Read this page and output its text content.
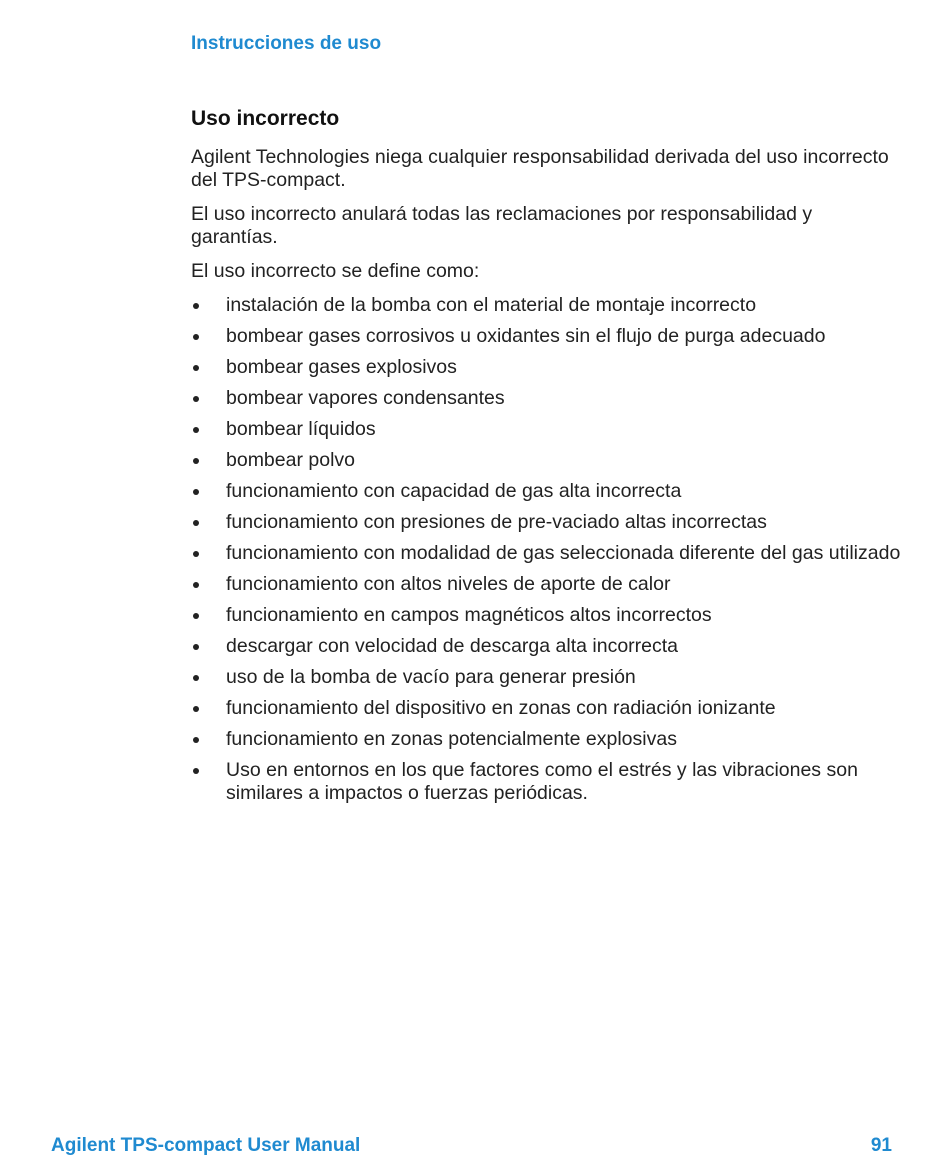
Instrucciones de uso

Uso incorrecto

Agilent Technologies niega cualquier responsabilidad derivada del uso incorrecto del TPS-compact.

El uso incorrecto anulará todas las reclamaciones por responsabilidad y garantías.

El uso incorrecto se define como:

instalación de la bomba con el material de montaje incorrecto
bombear gases corrosivos u oxidantes sin el flujo de purga adecuado
bombear gases explosivos
bombear vapores condensantes
bombear líquidos
bombear polvo
funcionamiento con capacidad de gas alta incorrecta
funcionamiento con presiones de pre-vaciado altas incorrectas
funcionamiento con modalidad de gas seleccionada diferente del gas utilizado
funcionamiento con altos niveles de aporte de calor
funcionamiento en campos magnéticos altos incorrectos
descargar con velocidad de descarga alta incorrecta
uso de la bomba de vacío para generar presión
funcionamiento del dispositivo en zonas con radiación ionizante
funcionamiento en zonas potencialmente explosivas
Uso en entornos en los que factores como el estrés y las vibraciones son similares a impactos o fuerzas periódicas.

Agilent TPS-compact User Manual	91
